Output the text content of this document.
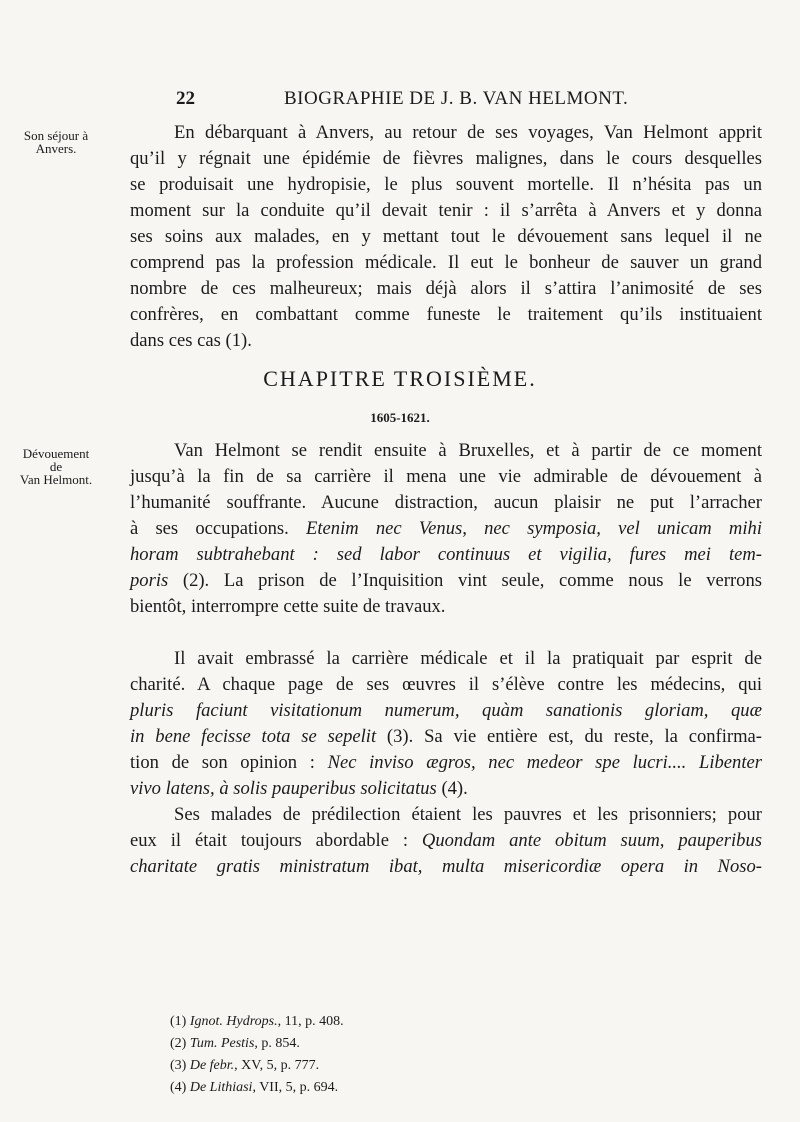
22	BIOGRAPHIE DE J. B. VAN HELMONT.
Son séjour à
Anvers.
En débarquant à Anvers, au retour de ses voyages, Van Helmont apprit
qu’il y régnait une épidémie de fièvres malignes, dans le cours desquelles
se produisait une hydropisie, le plus souvent mortelle. Il n’hésita pas un
moment sur la conduite qu’il devait tenir : il s’arrêta à Anvers et y donna
ses soins aux malades, en y mettant tout le dévouement sans lequel il ne
comprend pas la profession médicale. Il eut le bonheur de sauver un grand
nombre de ces malheureux; mais déjà alors il s’attira l’animosité de ses
confrères, en combattant comme funeste le traitement qu’ils instituaient
dans ces cas (1).
CHAPITRE TROISIÈME.
1605-1621.
Dévouement
de
Van Helmont.
Van Helmont se rendit ensuite à Bruxelles, et à partir de ce moment
jusqu’à la fin de sa carrière il mena une vie admirable de dévouement à
l’humanité souffrante. Aucune distraction, aucun plaisir ne put l’arracher
à ses occupations. Etenim nec Venus, nec symposia, vel unicam mihi
horam subtrahebant : sed labor continuus et vigilia, fures mei tem-
poris (2). La prison de l’Inquisition vint seule, comme nous le verrons
bientôt, interrompre cette suite de travaux.
Il avait embrassé la carrière médicale et il la pratiquait par esprit de
charité. A chaque page de ses œuvres il s’élève contre les médecins, qui
pluris faciunt visitationum numerum, quàm sanationis gloriam, quæ
in bene fecisse tota se sepelit (3). Sa vie entière est, du reste, la confirma-
tion de son opinion : Nec inviso ægros, nec medeor spe lucri.... Libenter
vivo latens, à solis pauperibus solicitatus (4).
Ses malades de prédilection étaient les pauvres et les prisonniers; pour
eux il était toujours abordable : Quondam ante obitum suum, pauperibus
charitate gratis ministratum ibat, multa misericordiæ opera in Noso-
(1) Ignot. Hydrops., 11, p. 408.
(2) Tum. Pestis, p. 854.
(3) De febr., XV, 5, p. 777.
(4) De Lithiasi, VII, 5, p. 694.
